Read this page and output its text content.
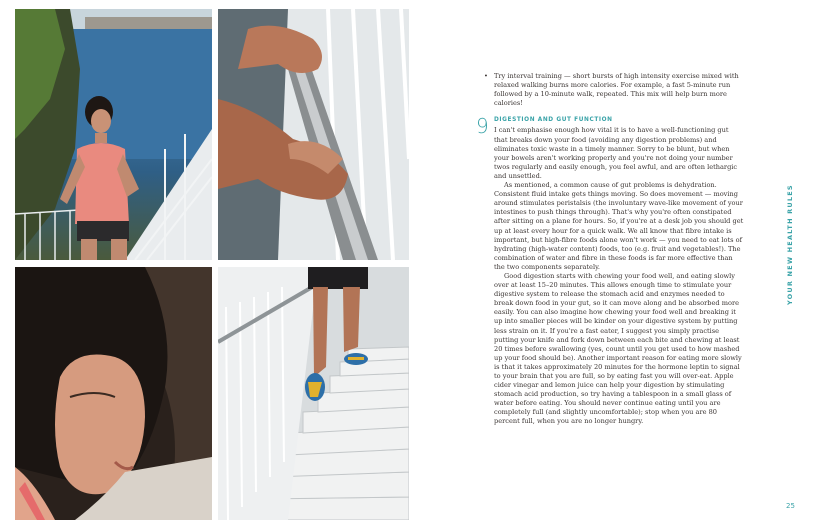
• Try interval training — short bursts of high intensity exercise mixed with relaxed walking burns more calories. For example, a fast 5-minute run followed by a 10-minute walk, repeated. This mix will help burn more calories!
9 DIGESTION AND GUT FUNCTION

I can't emphasise enough how vital it is to have a well-functioning gut that breaks down your food (avoiding any digestion problems) and eliminates toxic waste in a timely manner. Sorry to be blunt, but when your bowels aren't working properly and you're not doing your number twos regularly and easily enough, you feel awful, and are often lethargic and unsettled.

As mentioned, a common cause of gut problems is dehydration. Consistent fluid intake gets things moving. So does movement — moving around stimulates peristalsis (the involuntary wave-like movement of your intestines to push things through). That's why you're often constipated after sitting on a plane for hours. So, if you're at a desk job you should get up at least every hour for a quick walk. We all know that fibre intake is important, but high-fibre foods alone won't work — you need to eat lots of hydrating (high-water content) foods, too (e.g. fruit and vegetables!). The combination of water and fibre in these foods is far more effective than the two components separately.

Good digestion starts with chewing your food well, and eating slowly over at least 15–20 minutes. This allows enough time to stimulate your digestive system to release the stomach acid and enzymes needed to break down food in your gut, so it can move along and be absorbed more easily. You can also imagine how chewing your food well and breaking it up into smaller pieces will be kinder on your digestive system by putting less strain on it. If you're a fast eater, I suggest you simply practise putting your knife and fork down between each bite and chewing at least 20 times before swallowing (yes, count until you get used to how mashed up your food should be). Another important reason for eating more slowly is that it takes approximately 20 minutes for the hormone leptin to signal to your brain that you are full, so by eating fast you will over-eat. Apple cider vinegar and lemon juice can help your digestion by stimulating stomach acid production, so try having a tablespoon in a small glass of water before eating. You should never continue eating until you are completely full (and slightly uncomfortable); stop when you are 80 percent full, when you are no longer hungry.

YOUR NEW HEALTH RULES
25
